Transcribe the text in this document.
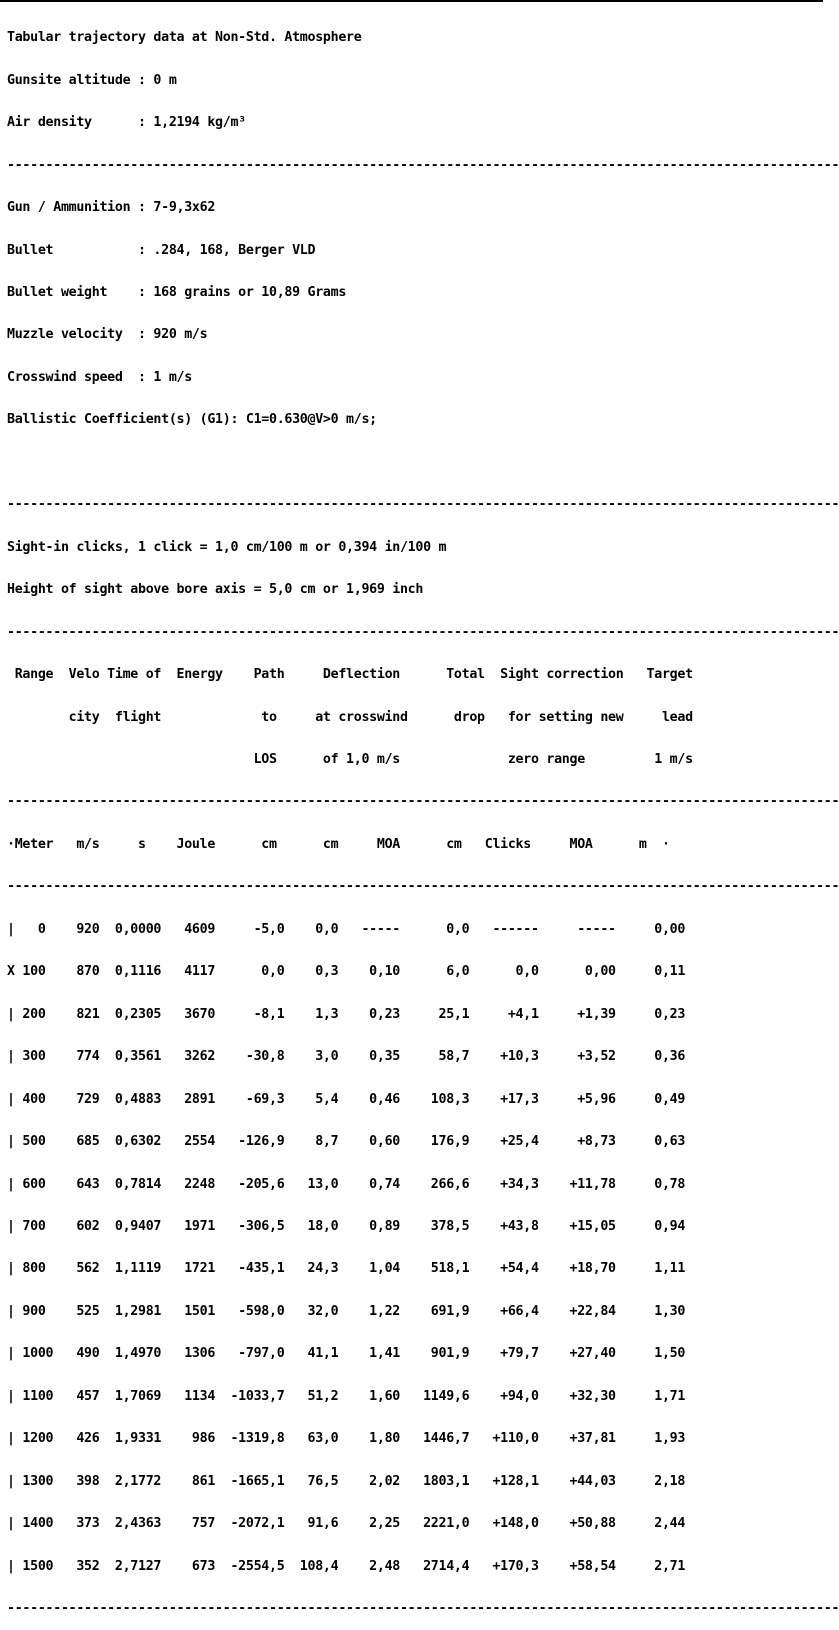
Tabular trajectory data at Non-Std. Atmosphere

Gunsite altitude : 0 m

Air density      : 1,2194 kg/m³

------------------------------------------------------------------------------------------------------------

Gun / Ammunition : 7-9,3x62

Bullet           : .284, 168, Berger VLD

Bullet weight    : 168 grains or 10,89 Grams

Muzzle velocity  : 920 m/s

Crosswind speed  : 1 m/s

Ballistic Coefficient(s) (G1): C1=0.630@V>0 m/s;

------------------------------------------------------------------------------------------------------------

Sight-in clicks, 1 click = 1,0 cm/100 m or 0,394 in/100 m

Height of sight above bore axis = 5,0 cm or 1,969 inch

------------------------------------------------------------------------------------------------------------

Range  Velo Time of  Energy    Path     Deflection      Total  Sight correction   Target

city  flight             to     at crosswind      drop   for setting new     lead

LOS      of 1,0 m/s              zero range         1 m/s

------------------------------------------------------------------------------------------------------------

·Meter   m/s     s    Joule      cm      cm     MOA      cm   Clicks     MOA      m  ·

------------------------------------------------------------------------------------------------------------

|   0    920  0,0000   4609     -5,0    0,0   -----      0,0   ------     -----     0,00

X 100    870  0,1116   4117      0,0    0,3    0,10      6,0      0,0      0,00     0,11

| 200    821  0,2305   3670     -8,1    1,3    0,23     25,1     +4,1     +1,39     0,23

| 300    774  0,3561   3262    -30,8    3,0    0,35     58,7    +10,3     +3,52     0,36

| 400    729  0,4883   2891    -69,3    5,4    0,46    108,3    +17,3     +5,96     0,49

| 500    685  0,6302   2554   -126,9    8,7    0,60    176,9    +25,4     +8,73     0,63

| 600    643  0,7814   2248   -205,6   13,0    0,74    266,6    +34,3    +11,78     0,78

| 700    602  0,9407   1971   -306,5   18,0    0,89    378,5    +43,8    +15,05     0,94

| 800    562  1,1119   1721   -435,1   24,3    1,04    518,1    +54,4    +18,70     1,11

| 900    525  1,2981   1501   -598,0   32,0    1,22    691,9    +66,4    +22,84     1,30

| 1000   490  1,4970   1306   -797,0   41,1    1,41    901,9    +79,7    +27,40     1,50

| 1100   457  1,7069   1134  -1033,7   51,2    1,60   1149,6    +94,0    +32,30     1,71

| 1200   426  1,9331    986  -1319,8   63,0    1,80   1446,7   +110,0    +37,81     1,93

| 1300   398  2,1772    861  -1665,1   76,5    2,02   1803,1   +128,1    +44,03     2,18

| 1400   373  2,4363    757  -2072,1   91,6    2,25   2221,0   +148,0    +50,88     2,44

| 1500   352  2,7127    673  -2554,5  108,4    2,48   2714,4   +170,3    +58,54     2,71

------------------------------------------------------------------------------------------------------------
